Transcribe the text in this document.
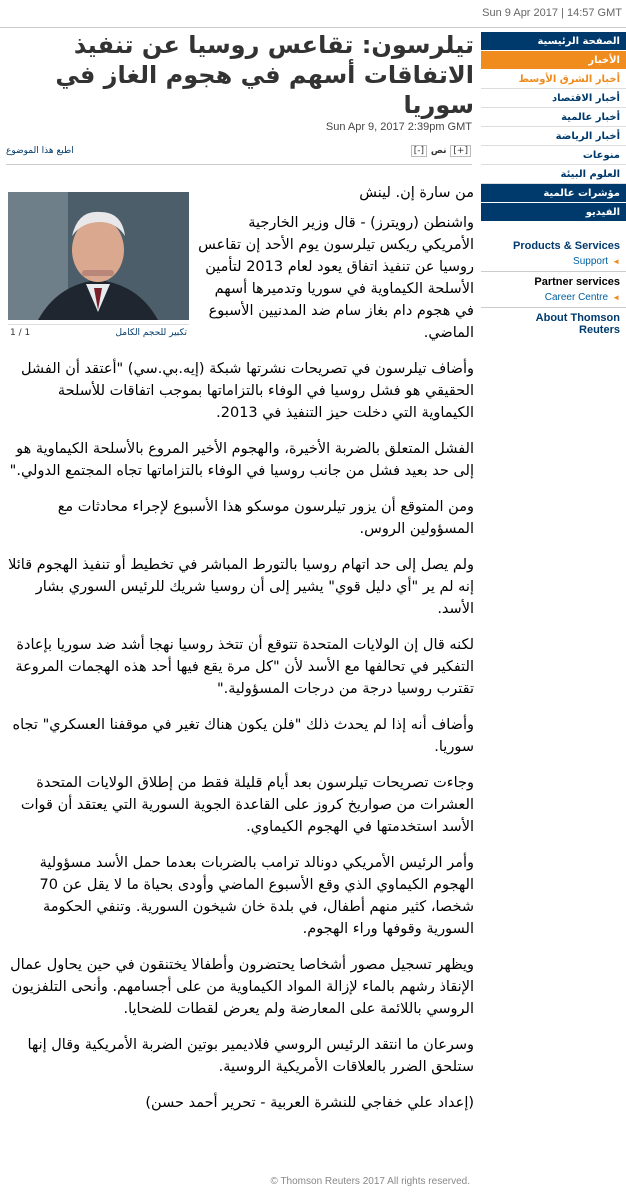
Sun 9 Apr 2017 | 14:57 GMT
تيلرسون: تقاعس روسيا عن تنفيذ الاتفاقات أسهم في هجوم الغاز في سوريا
Sun Apr 9, 2017 2:39pm GMT
اطبع هذا الموضوع	[+] نص [-]
من سارة إن. لينش
واشنطن (رويترز) - قال وزير الخارجية الأمريكي ريكس تيلرسون يوم الأحد إن تقاعس روسيا عن تنفيذ اتفاق يعود لعام 2013 لتأمين الأسلحة الكيماوية في سوريا وتدميرها أسهم في هجوم دام بغاز سام ضد المدنيين الأسبوع الماضي.
وأضاف تيلرسون في تصريحات نشرتها شبكة (إيه.بي.سي) "أعتقد أن الفشل الحقيقي هو فشل روسيا في الوفاء بالتزاماتها بموجب اتفاقات للأسلحة الكيماوية التي دخلت حيز التنفيذ في 2013.
الفشل المتعلق بالضربة الأخيرة، والهجوم الأخير المروع بالأسلحة الكيماوية هو إلى حد بعيد فشل من جانب روسيا في الوفاء بالتزاماتها تجاه المجتمع الدولي."
ومن المتوقع أن يزور تيلرسون موسكو هذا الأسبوع لإجراء محادثات مع المسؤولين الروس.
ولم يصل إلى حد اتهام روسيا بالتورط المباشر في تخطيط أو تنفيذ الهجوم قائلا إنه لم ير "أي دليل قوي" يشير إلى أن روسيا شريك للرئيس السوري بشار الأسد.
لكنه قال إن الولايات المتحدة تتوقع أن تتخذ روسيا نهجا أشد ضد سوريا بإعادة التفكير في تحالفها مع الأسد لأن "كل مرة يقع فيها أحد هذه الهجمات المروعة تقترب روسيا درجة من درجات المسؤولية."
وأضاف أنه إذا لم يحدث ذلك "فلن يكون هناك تغير في موقفنا العسكري" تجاه سوريا.
وجاءت تصريحات تيلرسون بعد أيام قليلة فقط من إطلاق الولايات المتحدة العشرات من صواريخ كروز على القاعدة الجوية السورية التي يعتقد أن قوات الأسد استخدمتها في الهجوم الكيماوي.
وأمر الرئيس الأمريكي دونالد ترامب بالضربات بعدما حمل الأسد مسؤولية الهجوم الكيماوي الذي وقع الأسبوع الماضي وأودى بحياة ما لا يقل عن 70 شخصا، كثير منهم أطفال، في بلدة خان شيخون السورية. وتنفي الحكومة السورية وقوفها وراء الهجوم.
ويظهر تسجيل مصور أشخاصا يحتضرون وأطفالا يختنقون في حين يحاول عمال الإنقاذ رشهم بالماء لإزالة المواد الكيماوية من على أجسامهم. وأنحى التلفزيون الروسي باللائمة على المعارضة ولم يعرض لقطات للضحايا.
وسرعان ما انتقد الرئيس الروسي فلاديمير بوتين الضربة الأمريكية وقال إنها ستلحق الضرر بالعلاقات الأمريكية الروسية.
(إعداد علي خفاجي للنشرة العربية - تحرير أحمد حسن)
تكبير للحجم الكامل
1 / 1
الصفحة الرئيسية
الأخبار
أخبار الشرق الأوسط
أخبار الاقتصاد
أخبار عالمية
أخبار الرياضة
منوعات
العلوم البيئة
مؤشرات عالمية
الفيديو
Products & Services
Support ◄
Partner services
Career Centre ◄
About Thomson Reuters
© Thomson Reuters 2017 All rights reserved.
